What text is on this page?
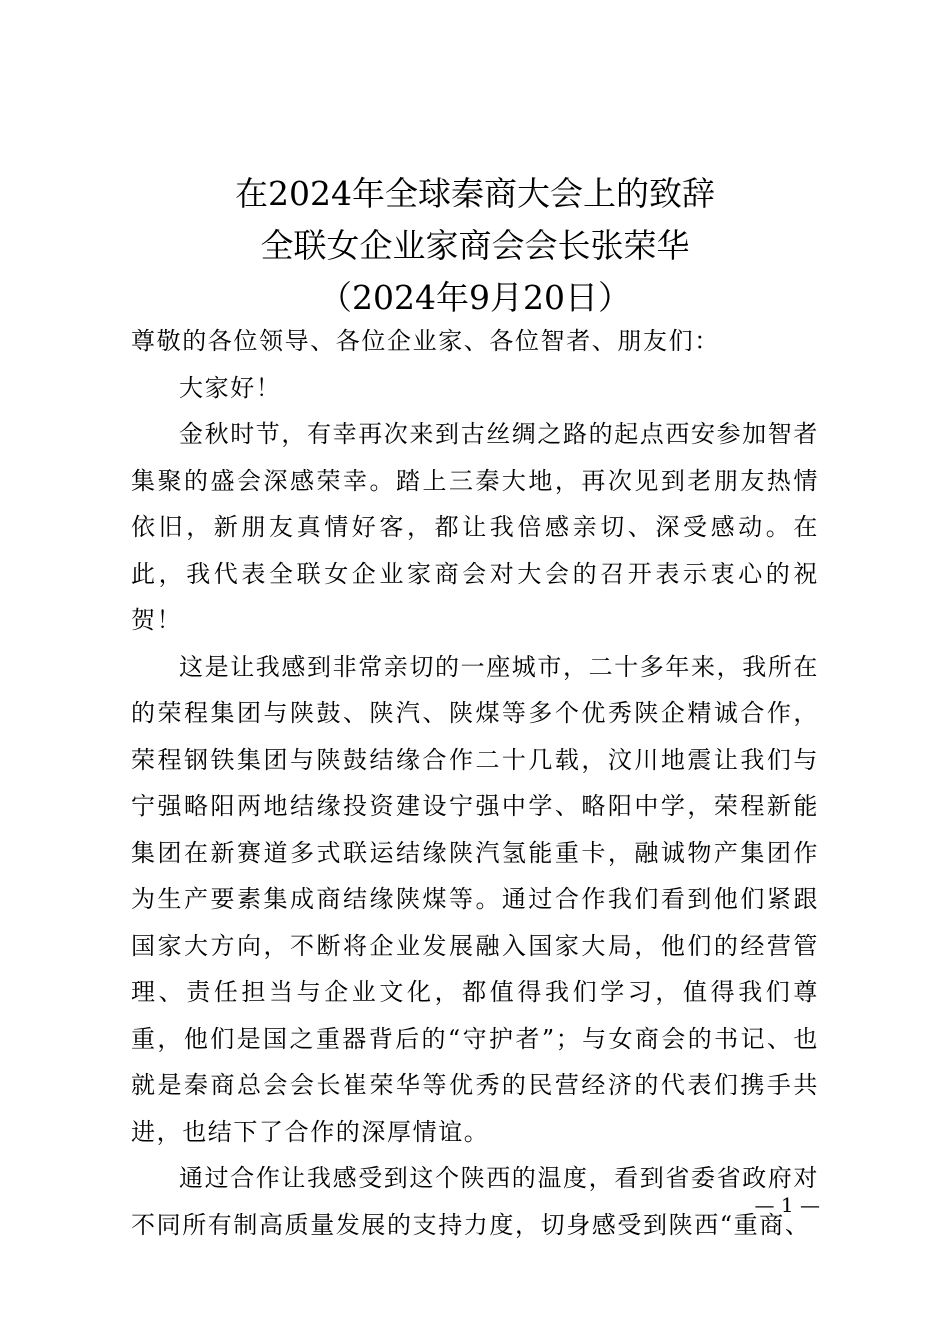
在2024年全球秦商大会上的致辞
全联女企业家商会会长张荣华
（2024年9月20日）

尊敬的各位领导、各位企业家、各位智者、朋友们：

大家好！

金秋时节，有幸再次来到古丝绸之路的起点西安参加智者集聚的盛会深感荣幸。踏上三秦大地，再次见到老朋友热情依旧，新朋友真情好客，都让我倍感亲切、深受感动。在此，我代表全联女企业家商会对大会的召开表示衷心的祝贺！

这是让我感到非常亲切的一座城市，二十多年来，我所在的荣程集团与陕鼓、陕汽、陕煤等多个优秀陕企精诚合作，荣程钢铁集团与陕鼓结缘合作二十几载，汶川地震让我们与宁强略阳两地结缘投资建设宁强中学、略阳中学，荣程新能集团在新赛道多式联运结缘陕汽氢能重卡，融诚物产集团作为生产要素集成商结缘陕煤等。通过合作我们看到他们紧跟国家大方向，不断将企业发展融入国家大局，他们的经营管理、责任担当与企业文化，都值得我们学习，值得我们尊重，他们是国之重器背后的“守护者”；与女商会的书记、也就是秦商总会会长崔荣华等优秀的民营经济的代表们携手共进，也结下了合作的深厚情谊。

通过合作让我感受到这个陕西的温度，看到省委省政府对不同所有制高质量发展的支持力度，切身感受到陕西“重商、

— 1 —
